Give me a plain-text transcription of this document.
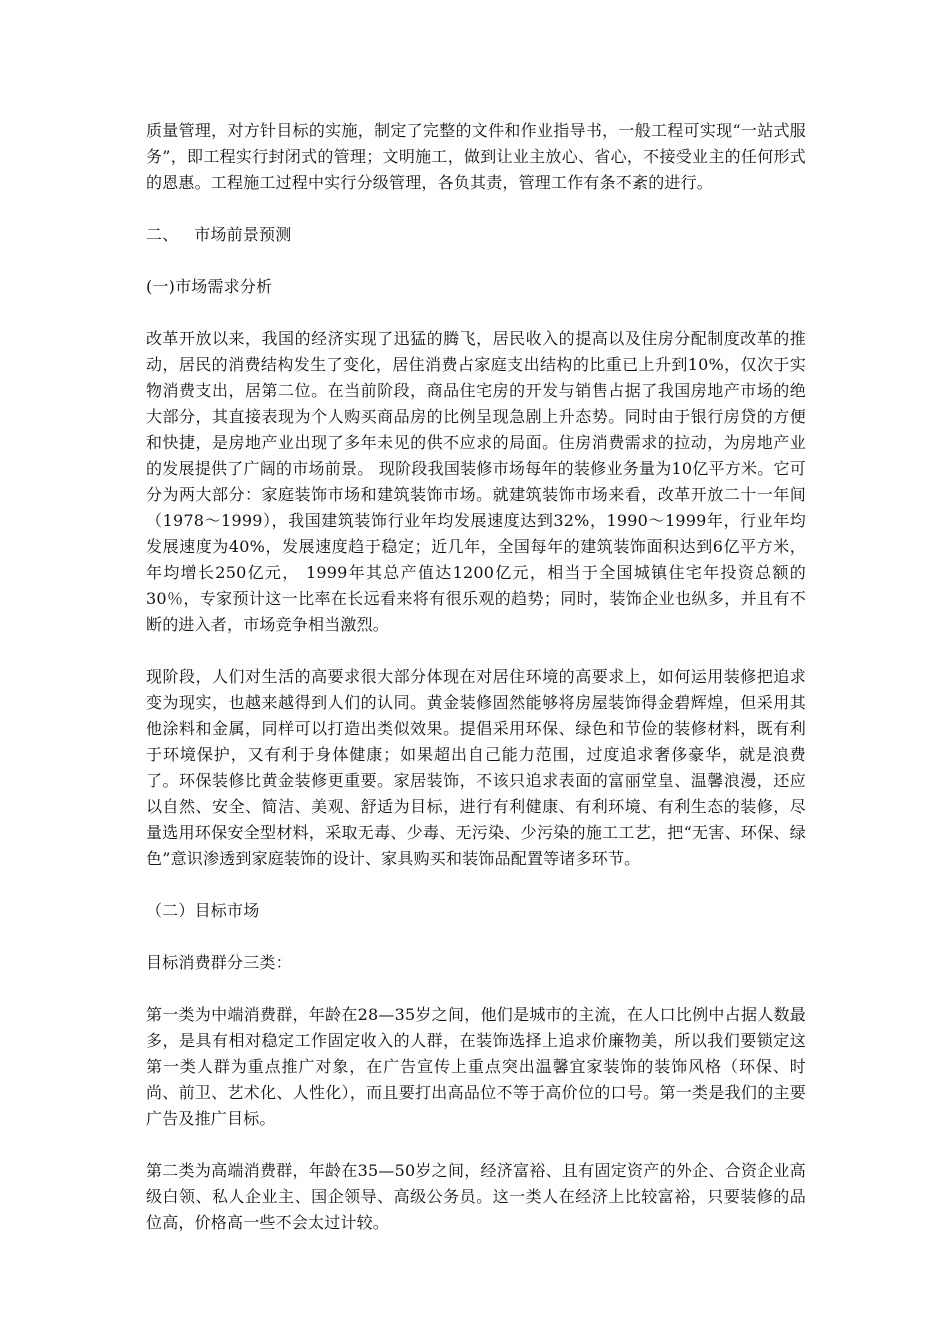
质量管理，对方针目标的实施，制定了完整的文件和作业指导书，一般工程可实现“一站式服务”，即工程实行封闭式的管理；文明施工，做到让业主放心、省心，不接受业主的任何形式的恩惠。工程施工过程中实行分级管理，各负其责，管理工作有条不紊的进行。

二、   市场前景预测

(一)市场需求分析

改革开放以来，我国的经济实现了迅猛的腾飞，居民收入的提高以及住房分配制度改革的推动，居民的消费结构发生了变化，居住消费占家庭支出结构的比重已上升到10%，仅次于实物消费支出，居第二位。在当前阶段，商品住宅房的开发与销售占据了我国房地产市场的绝大部分，其直接表现为个人购买商品房的比例呈现急剧上升态势。同时由于银行房贷的方便和快捷，是房地产业出现了多年未见的供不应求的局面。住房消费需求的拉动，为房地产业的发展提供了广阔的市场前景。 现阶段我国装修市场每年的装修业务量为10亿平方米。它可分为两大部分：家庭装饰市场和建筑装饰市场。就建筑装饰市场来看，改革开放二十一年间（1978～1999），我国建筑装饰行业年均发展速度达到32%，1990～1999年，行业年均发展速度为40%，发展速度趋于稳定；近几年，全国每年的建筑装饰面积达到6亿平方米，年均增长250亿元， 1999年其总产值达1200亿元，相当于全国城镇住宅年投资总额的30％，专家预计这一比率在长远看来将有很乐观的趋势；同时，装饰企业也纵多，并且有不断的进入者，市场竞争相当激烈。

现阶段，人们对生活的高要求很大部分体现在对居住环境的高要求上，如何运用装修把追求变为现实，也越来越得到人们的认同。黄金装修固然能够将房屋装饰得金碧辉煌，但采用其他涂料和金属，同样可以打造出类似效果。提倡采用环保、绿色和节俭的装修材料，既有利于环境保护，又有利于身体健康；如果超出自己能力范围，过度追求奢侈豪华，就是浪费了。环保装修比黄金装修更重要。家居装饰，不该只追求表面的富丽堂皇、温馨浪漫，还应以自然、安全、简洁、美观、舒适为目标，进行有利健康、有利环境、有利生态的装修，尽量选用环保安全型材料，采取无毒、少毒、无污染、少污染的施工工艺，把“无害、环保、绿色”意识渗透到家庭装饰的设计、家具购买和装饰品配置等诸多环节。

（二）目标市场

目标消费群分三类：

第一类为中端消费群，年龄在28—35岁之间，他们是城市的主流，在人口比例中占据人数最多，是具有相对稳定工作固定收入的人群，在装饰选择上追求价廉物美，所以我们要锁定这第一类人群为重点推广对象，在广告宣传上重点突出温馨宜家装饰的装饰风格（环保、时尚、前卫、艺术化、人性化），而且要打出高品位不等于高价位的口号。第一类是我们的主要广告及推广目标。

第二类为高端消费群，年龄在35—50岁之间，经济富裕、且有固定资产的外企、合资企业高级白领、私人企业主、国企领导、高级公务员。这一类人在经济上比较富裕，只要装修的品位高，价格高一些不会太过计较。
